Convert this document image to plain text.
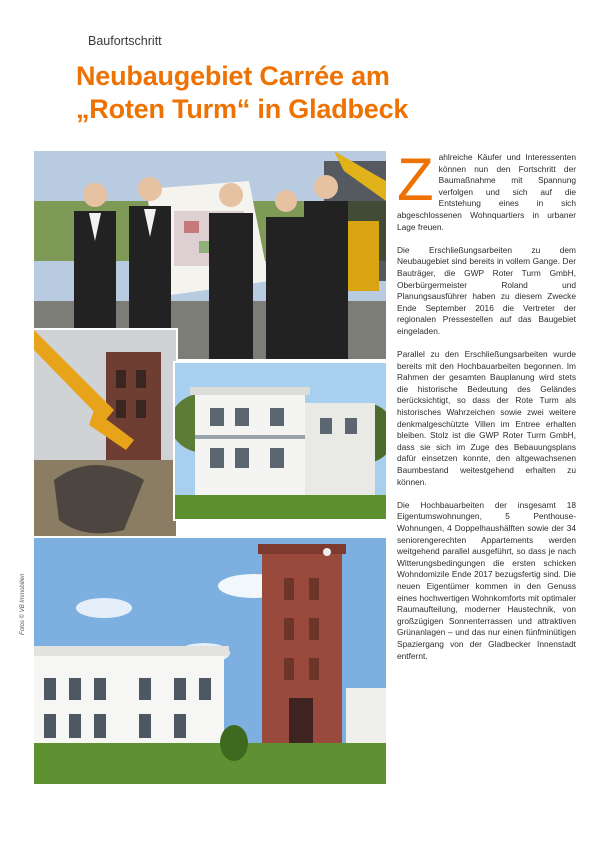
Baufortschritt
Neubaugebiet Carrée am
„Roten Turm“ in Gladbeck
Fotos © VB Immobilien

Z ahlreiche Käufer und Interessenten können nun den Fortschritt der Baumaßnahme mit Spannung verfolgen und sich auf die Entstehung eines in sich abgeschlossenen Wohnquartiers in urbaner Lage freuen.

Die Erschließungsarbeiten zu dem Neubaugebiet sind bereits in vollem Gange. Der Bauträger, die GWP Roter Turm GmbH, Oberbürgermeister Roland und Planungsausführer haben zu diesem Zwecke Ende September 2016 die Vertreter der regionalen Pressestellen auf das Baugebiet eingeladen.

Parallel zu den Erschließungsarbeiten wurde bereits mit den Hochbauarbeiten begonnen. Im Rahmen der gesamten Bauplanung wird stets die historische Bedeutung des Geländes berücksichtigt, so dass der Rote Turm als historisches Wahrzeichen sowie zwei weitere denkmalgeschützte Villen im Entree erhalten bleiben. Stolz ist die GWP Roter Turm GmbH, dass sie sich im Zuge des Bebauungsplans dafür einsetzen konnte, den altgewachsenen Baumbestand weitestgehend erhalten zu können.

Die Hochbauarbeiten der insgesamt 18 Eigentumswohnungen, 5 Penthouse-Wohnungen, 4 Doppelhaushälften sowie der 34 seniorengerechten Appartements werden weitgehend parallel ausgeführt, so dass je nach Witterungsbedingungen die ersten schicken Wohndomizile Ende 2017 bezugsfertig sind. Die neuen Eigentümer kommen in den Genuss eines hochwertigen Wohnkomforts mit optimaler Raumaufteilung, moderner Haustechnik, von großzügigen Sonnenterrassen und attraktiven Grünanlagen – und das nur einen fünfminütigen Spaziergang von der Gladbecker Innenstadt entfernt.
